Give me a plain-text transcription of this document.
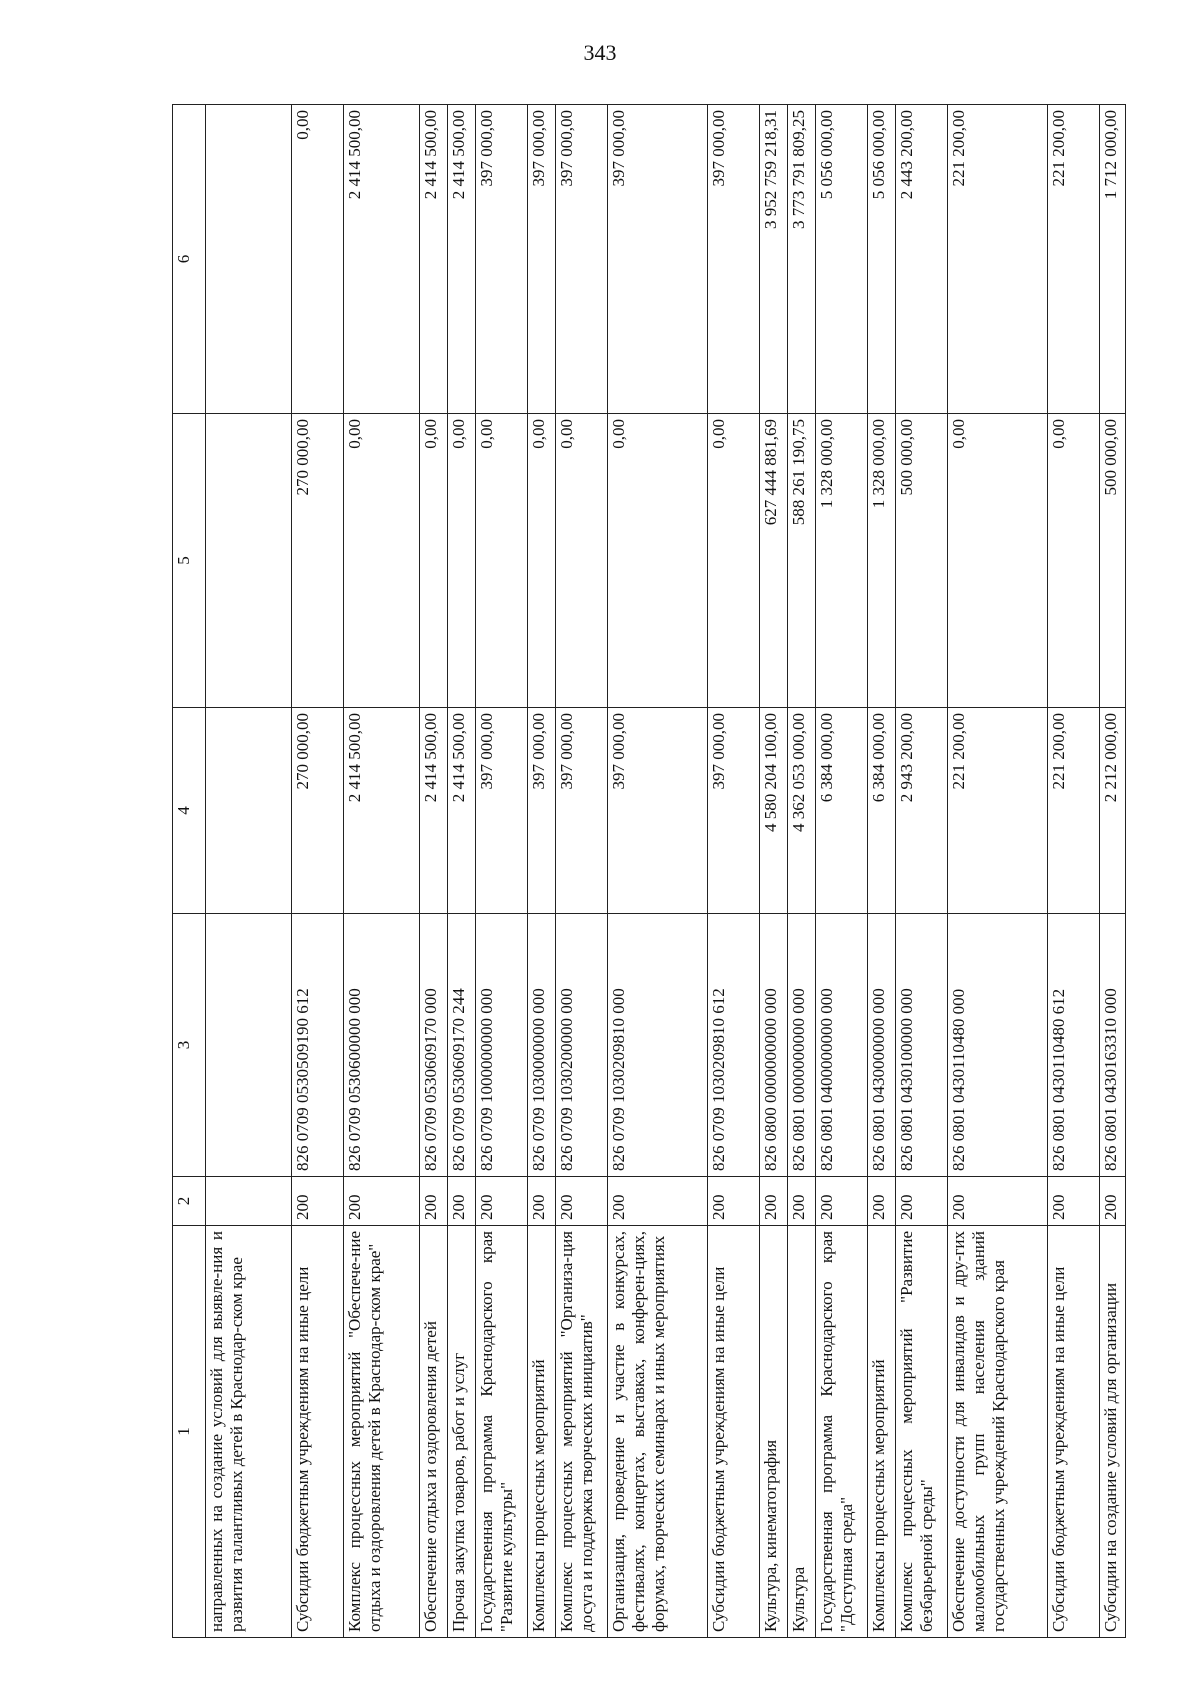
343
1	2	3	4	5	6
направленных на создание условий для выявле-ния и развития талантливых детей в Краснодар-ском крае					
Субсидии бюджетным учреждениям на иные цели	200	826 0709 0530509190 612	270 000,00	270 000,00	0,00
Комплекс процессных мероприятий "Обеспече-ние отдыха и оздоровления детей в Краснодар-ском крае"	200	826 0709 0530600000 000	2 414 500,00	0,00	2 414 500,00
Обеспечение отдыха и оздоровления детей	200	826 0709 0530609170 000	2 414 500,00	0,00	2 414 500,00
Прочая закупка товаров, работ и услуг	200	826 0709 0530609170 244	2 414 500,00	0,00	2 414 500,00
Государственная программа Краснодарского края "Развитие культуры"	200	826 0709 1000000000 000	397 000,00	0,00	397 000,00
Комплексы процессных мероприятий	200	826 0709 1030000000 000	397 000,00	0,00	397 000,00
Комплекс процессных мероприятий "Организа-ция досуга и поддержка творческих инициатив"	200	826 0709 1030200000 000	397 000,00	0,00	397 000,00
Организация, проведение и участие в конкурсах, фестивалях, концертах, выставках, конферен-циях, форумах, творческих семинарах и иных мероприятиях	200	826 0709 1030209810 000	397 000,00	0,00	397 000,00
Субсидии бюджетным учреждениям на иные цели	200	826 0709 1030209810 612	397 000,00	0,00	397 000,00
Культура, кинематография	200	826 0800 0000000000 000	4 580 204 100,00	627 444 881,69	3 952 759 218,31
Культура	200	826 0801 0000000000 000	4 362 053 000,00	588 261 190,75	3 773 791 809,25
Государственная программа Краснодарского края "Доступная среда"	200	826 0801 0400000000 000	6 384 000,00	1 328 000,00	5 056 000,00
Комплексы процессных мероприятий	200	826 0801 0430000000 000	6 384 000,00	1 328 000,00	5 056 000,00
Комплекс процессных мероприятий "Развитие безбарьерной среды"	200	826 0801 0430100000 000	2 943 200,00	500 000,00	2 443 200,00
Обеспечение доступности для инвалидов и дру-гих маломобильных групп населения зданий государственных учреждений Краснодарского края	200	826 0801 0430110480 000	221 200,00	0,00	221 200,00
Субсидии бюджетным учреждениям на иные цели	200	826 0801 0430110480 612	221 200,00	0,00	221 200,00
Субсидии на создание условий для организации	200	826 0801 0430163310 000	2 212 000,00	500 000,00	1 712 000,00
